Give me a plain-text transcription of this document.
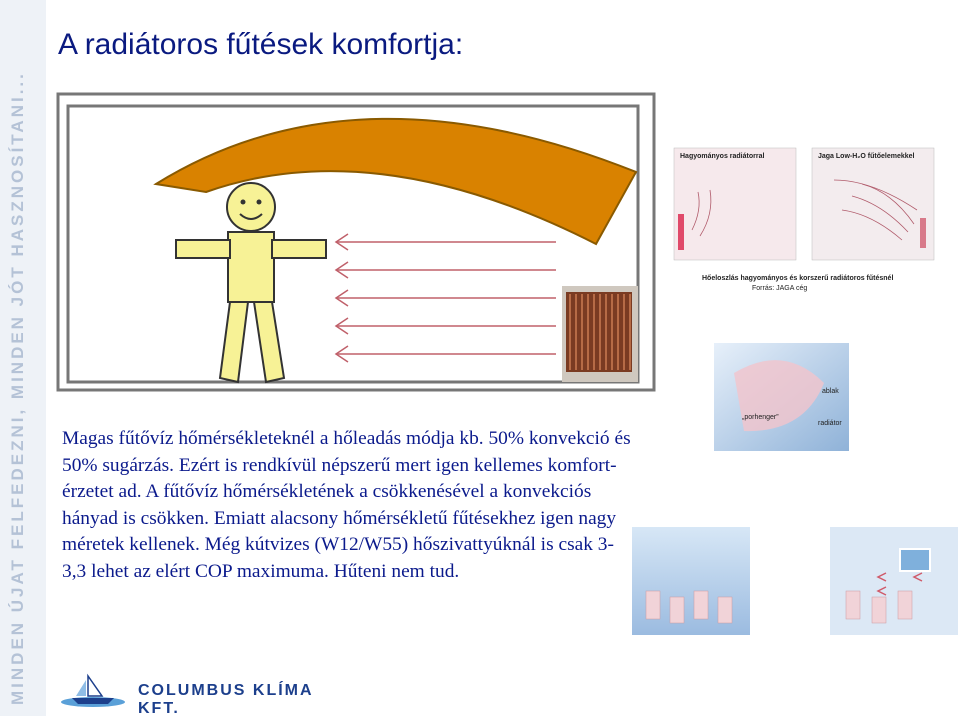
MINDEN ÚJAT FELFEDEZNI, MINDEN JÓT HASZNOSÍTANI...
A radiátoros fűtések komfortja:
Hagyományos radiátorral	Jaga Low-H₂O fűtőelemekkel
Hőeloszlás hagyományos és korszerű radiátoros fűtésnél
Forrás: JAGA cég
„porhenger”
ablak
radiátor
Magas fűtővíz hőmérsékleteknél a hőleadás módja kb. 50% konvekció és 50% sugárzás. Ezért is rendkívül népszerű mert igen kellemes komfort-érzetet ad. A fűtővíz hőmérsékletének a csökkenésével a konvekciós hányad is csökken. Emiatt alacsony hőmérsékletű fűtésekhez igen nagy méretek kellenek. Még kútvizes (W12/W55) hőszivattyúknál is csak 3-3,3 lehet az elért COP maximuma. Hűteni nem tud.
COLUMBUS KLÍMA KFT.
